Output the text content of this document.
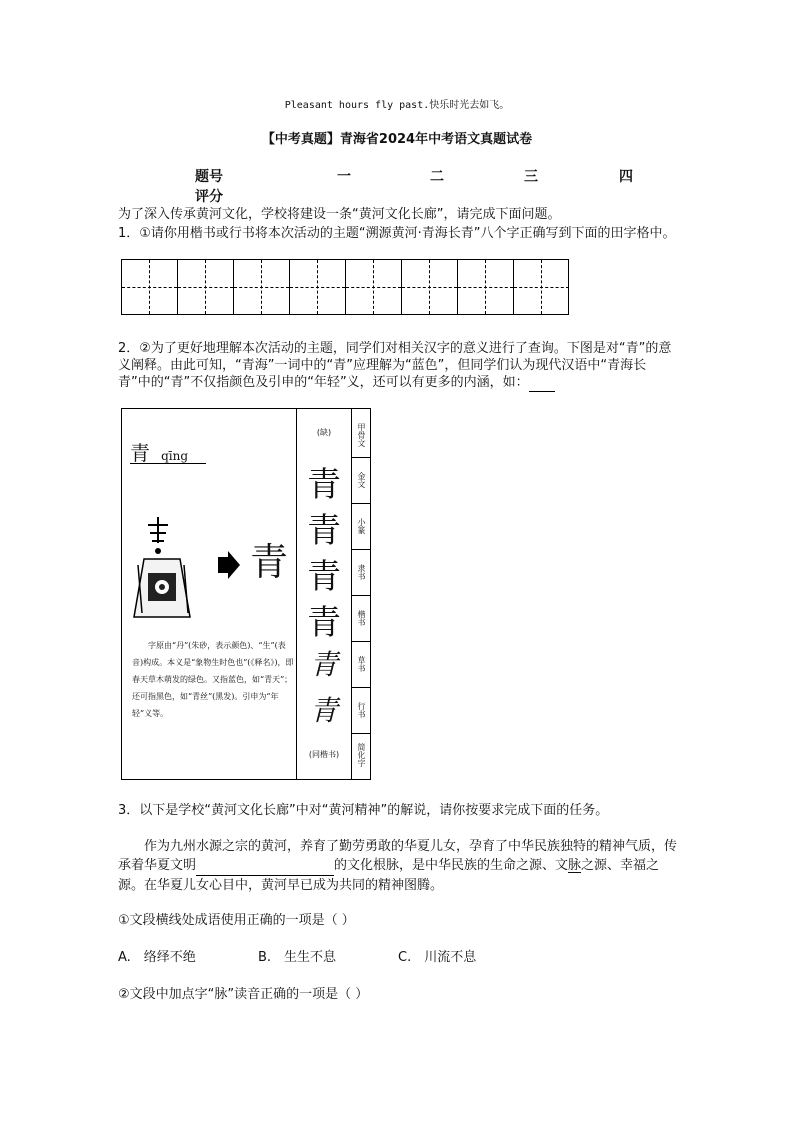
Pleasant hours fly past.快乐时光去如飞。
【中考真题】青海省2024年中考语文真题试卷
题号	一	二	三	四
评分
为了深入传承黄河文化，学校将建设一条“黄河文化长廊”，请完成下面问题。
1．①请你用楷书或行书将本次活动的主题“溯源黄河·青海长青”八个字正确写到下面的田字格中。
2．②为了更好地理解本次活动的主题，同学们对相关汉字的意义进行了查询。下图是对“青”的意义阐释。由此可知，“青海”一词中的“青”应理解为“蓝色”，但同学们认为现代汉语中“青海长青”中的“青”不仅指颜色及引申的“年轻”义，还可以有更多的内涵，如：
青 qīng
青
字原由“丹”(朱砂，表示颜色)、“生”(表音)构成。本义是“象物生时色也”(《释名》)，即春天草木萌发的绿色。又指蓝色，如“青天”；还可指黑色，如“青丝”(黑发)。引申为“年轻”义等。
(缺)
青
青
青
青
青
青
(同楷书)
甲骨文
金文
小篆
隶书
楷书
草书
行书
简化字
3．以下是学校“黄河文化长廊”中对“黄河精神”的解说，请你按要求完成下面的任务。
作为九州水源之宗的黄河，养育了勤劳勇敢的华夏儿女，孕育了中华民族独特的精神气质，传承着华夏文明	的文化根脉，是中华民族的生命之源、文脉之源、幸福之源。在华夏儿女心目中，黄河早已成为共同的精神图腾。
①文段横线处成语使用正确的一项是（ ）
A.　络绎不绝	B.　生生不息	C.　川流不息
②文段中加点字“脉”读音正确的一项是（ ）
